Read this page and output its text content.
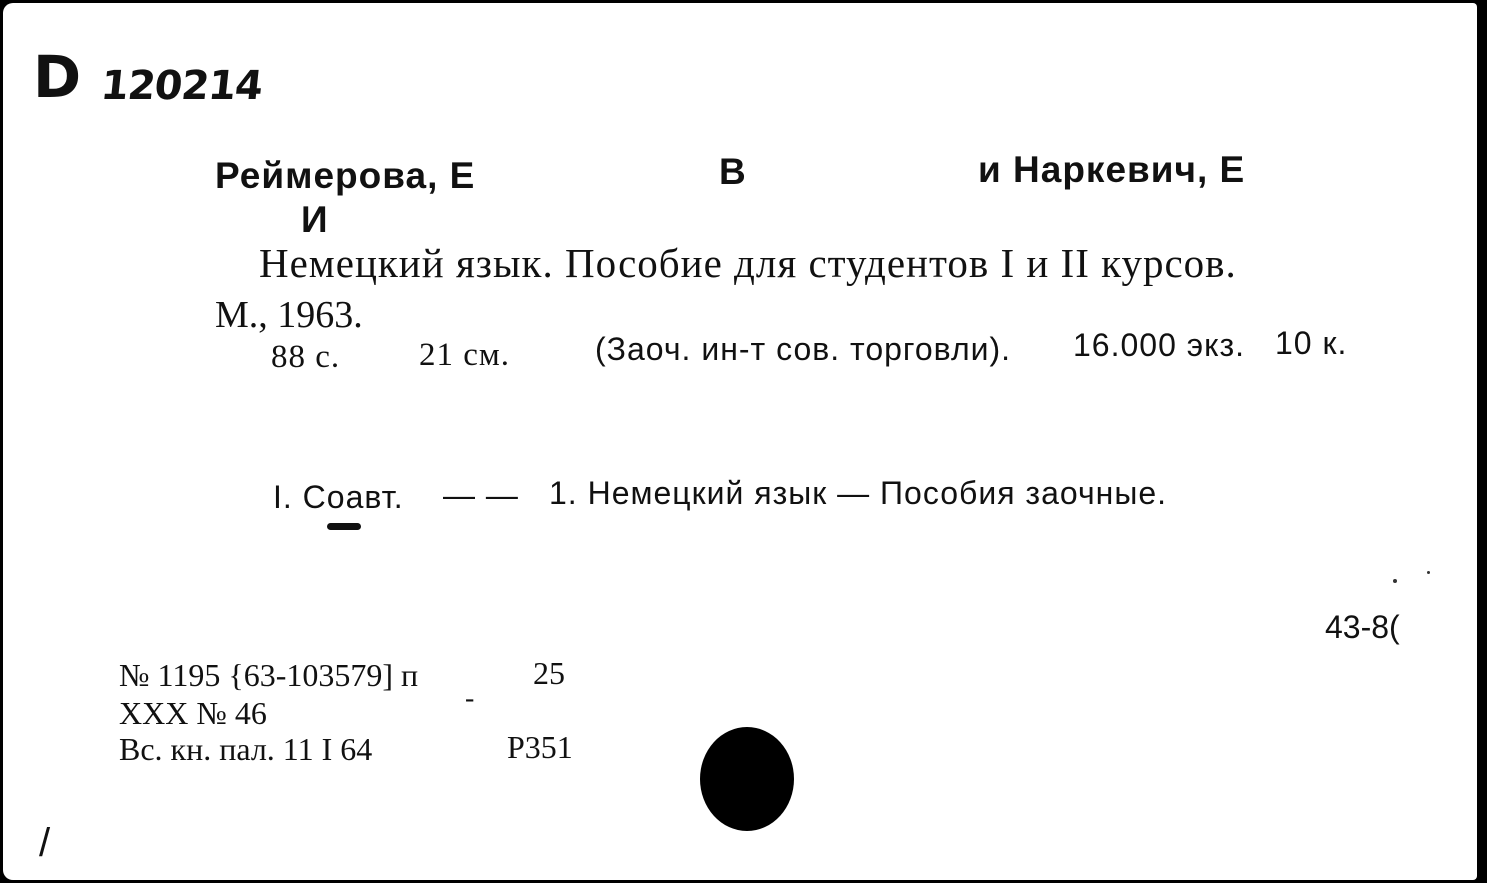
D 120214
Реймерова, Е	В	и Наркевич, Е
И
Немецкий язык. Пособие для студентов I и II курсов.
М., 1963.
88 с. 21 см.	(Заоч. ин-т сов. торговли). 16.000 экз. 10 к.
I. Соавт. — — 1. Немецкий язык — Пособия заочные.
43-8(
№ 1195 {63-103579] п	25
XXX № 46	-
Вс. кн. пал. 11 I 64	Р351
/
